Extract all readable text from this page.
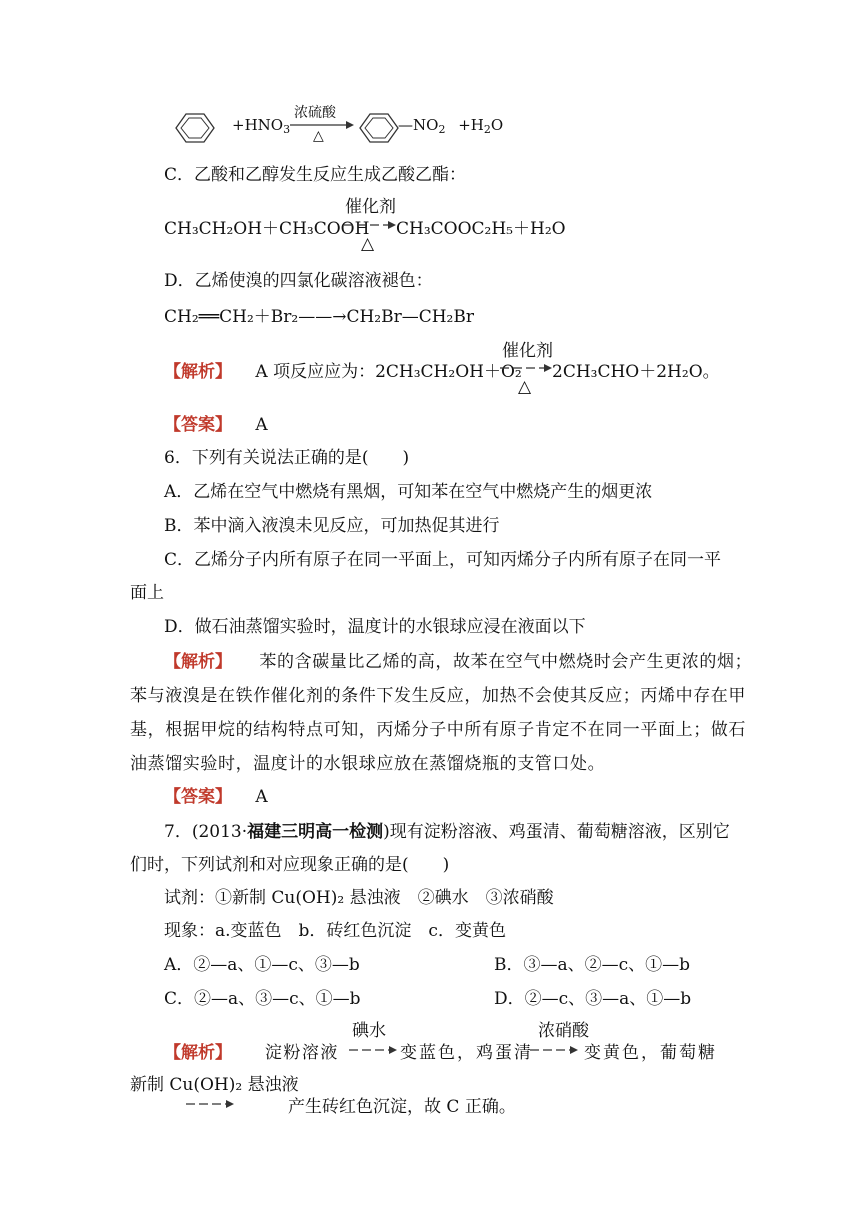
$+HNO_3$
浓硫酸
△
$—NO_2 +H_2O$
C．乙酸和乙醇发生反应生成乙酸乙酯：
催化剂
CH₃CH₂OH＋CH₃COOH CH₃COOC₂H₅＋H₂O
△
D．乙烯使溴的四氯化碳溶液褪色：
CH₂══CH₂＋Br₂——→CH₂Br—CH₂Br
催化剂
【解析】 A 项反应应为：2CH₃CH₂OH＋O₂ 2CH₃CHO＋2H₂O。
△
【答案】 A
6．下列有关说法正确的是(　　)
A．乙烯在空气中燃烧有黑烟，可知苯在空气中燃烧产生的烟更浓
B．苯中滴入液溴未见反应，可加热促其进行
C．乙烯分子内所有原子在同一平面上，可知丙烯分子内所有原子在同一平
面上
D．做石油蒸馏实验时，温度计的水银球应浸在液面以下
【解析】 苯的含碳量比乙烯的高，故苯在空气中燃烧时会产生更浓的烟；
苯与液溴是在铁作催化剂的条件下发生反应，加热不会使其反应；丙烯中存在甲
基，根据甲烷的结构特点可知，丙烯分子中所有原子肯定不在同一平面上；做石
油蒸馏实验时，温度计的水银球应放在蒸馏烧瓶的支管口处。
【答案】 A
7．(2013·福建三明高一检测)现有淀粉溶液、鸡蛋清、葡萄糖溶液，区别它
们时，下列试剂和对应现象正确的是(　　)
试剂：①新制 Cu(OH)₂ 悬浊液　②碘水　③浓硝酸
现象：a.变蓝色　b．砖红色沉淀　c．变黄色
A．②—a、①—c、③—b	B．③—a、②—c、①—b
C．②—a、③—c、①—b	D．②—c、③—a、①—b
碘水	浓硝酸
【解析】 淀粉溶液	变蓝色，鸡蛋清	变黄色，葡萄糖
新制 Cu(OH)₂ 悬浊液
产生砖红色沉淀，故 C 正确。
